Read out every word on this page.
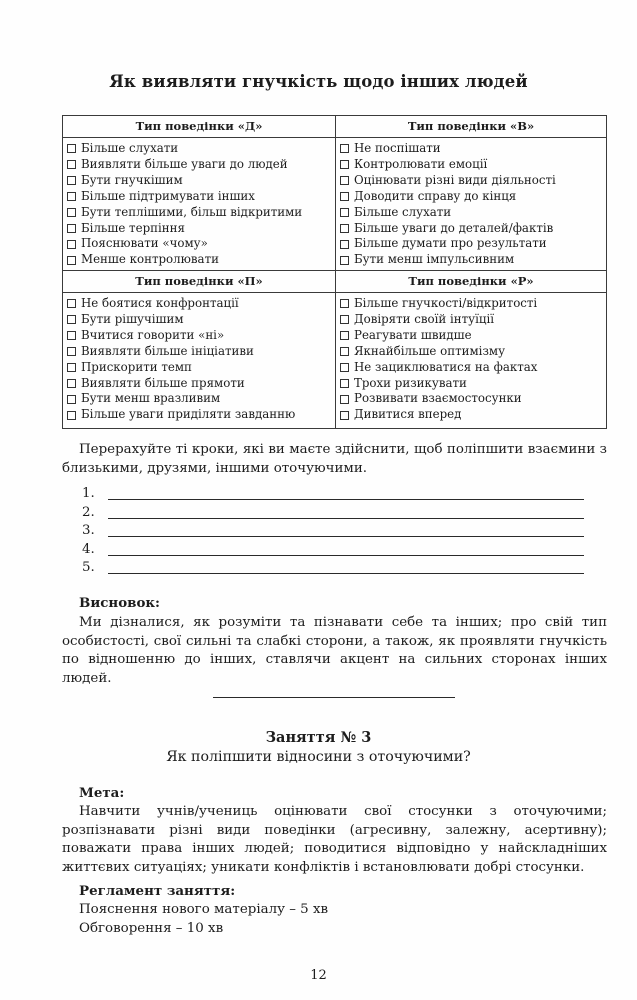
Як виявляти гнучкість щодо інших людей
Тип поведінки «Д»
Більше слухати
Виявляти більше уваги до людей
Бути гнучкішим
Більше підтримувати інших
Бути теплішими, більш відкритими
Більше терпіння
Пояснювати «чому»
Менше контролювати
Тип поведінки «В»
Не поспішати
Контролювати емоції
Оцінювати різні види діяльності
Доводити справу до кінця
Більше слухати
Більше уваги до деталей/фактів
Більше думати про результати
Бути менш імпульсивним
Тип поведінки «П»
Не боятися конфронтації
Бути рішучішим
Вчитися говорити «ні»
Виявляти більше ініціативи
Прискорити темп
Виявляти більше прямоти
Бути менш вразливим
Більше уваги приділяти завданню
Тип поведінки «Р»
Більше гнучкості/відкритості
Довіряти своїй інтуїції
Реагувати швидше
Якнайбільше оптимізму
Не зациклюватися на фактах
Трохи ризикувати
Розвивати взаємостосунки
Дивитися вперед

Перерахуйте ті кроки, які ви маєте здійснити, щоб поліпшити взаємини з близькими, друзями, іншими оточуючими.

1.
2.
3.
4.
5.
Висновок:

Ми дізналися, як розуміти та пізнавати себе та інших; про свій тип особистості, свої сильні та слабкі сторони, а також, як проявляти гнучкість по відношенню до інших, ставлячи акцент на сильних сторонах інших людей.

Заняття № 3
Як поліпшити відносини з оточуючими?
Мета:

Навчити учнів/учениць оцінювати свої стосунки з оточуючими; розпізнавати різні види поведінки (агресивну, залежну, асертивну); поважати права інших людей; поводитися відповідно у найскладніших життєвих ситуаціях; уникати конфліктів і встановлювати добрі стосунки.

Регламент заняття:
Пояснення нового матеріалу – 5 хв
Обговорення – 10 хв
12
